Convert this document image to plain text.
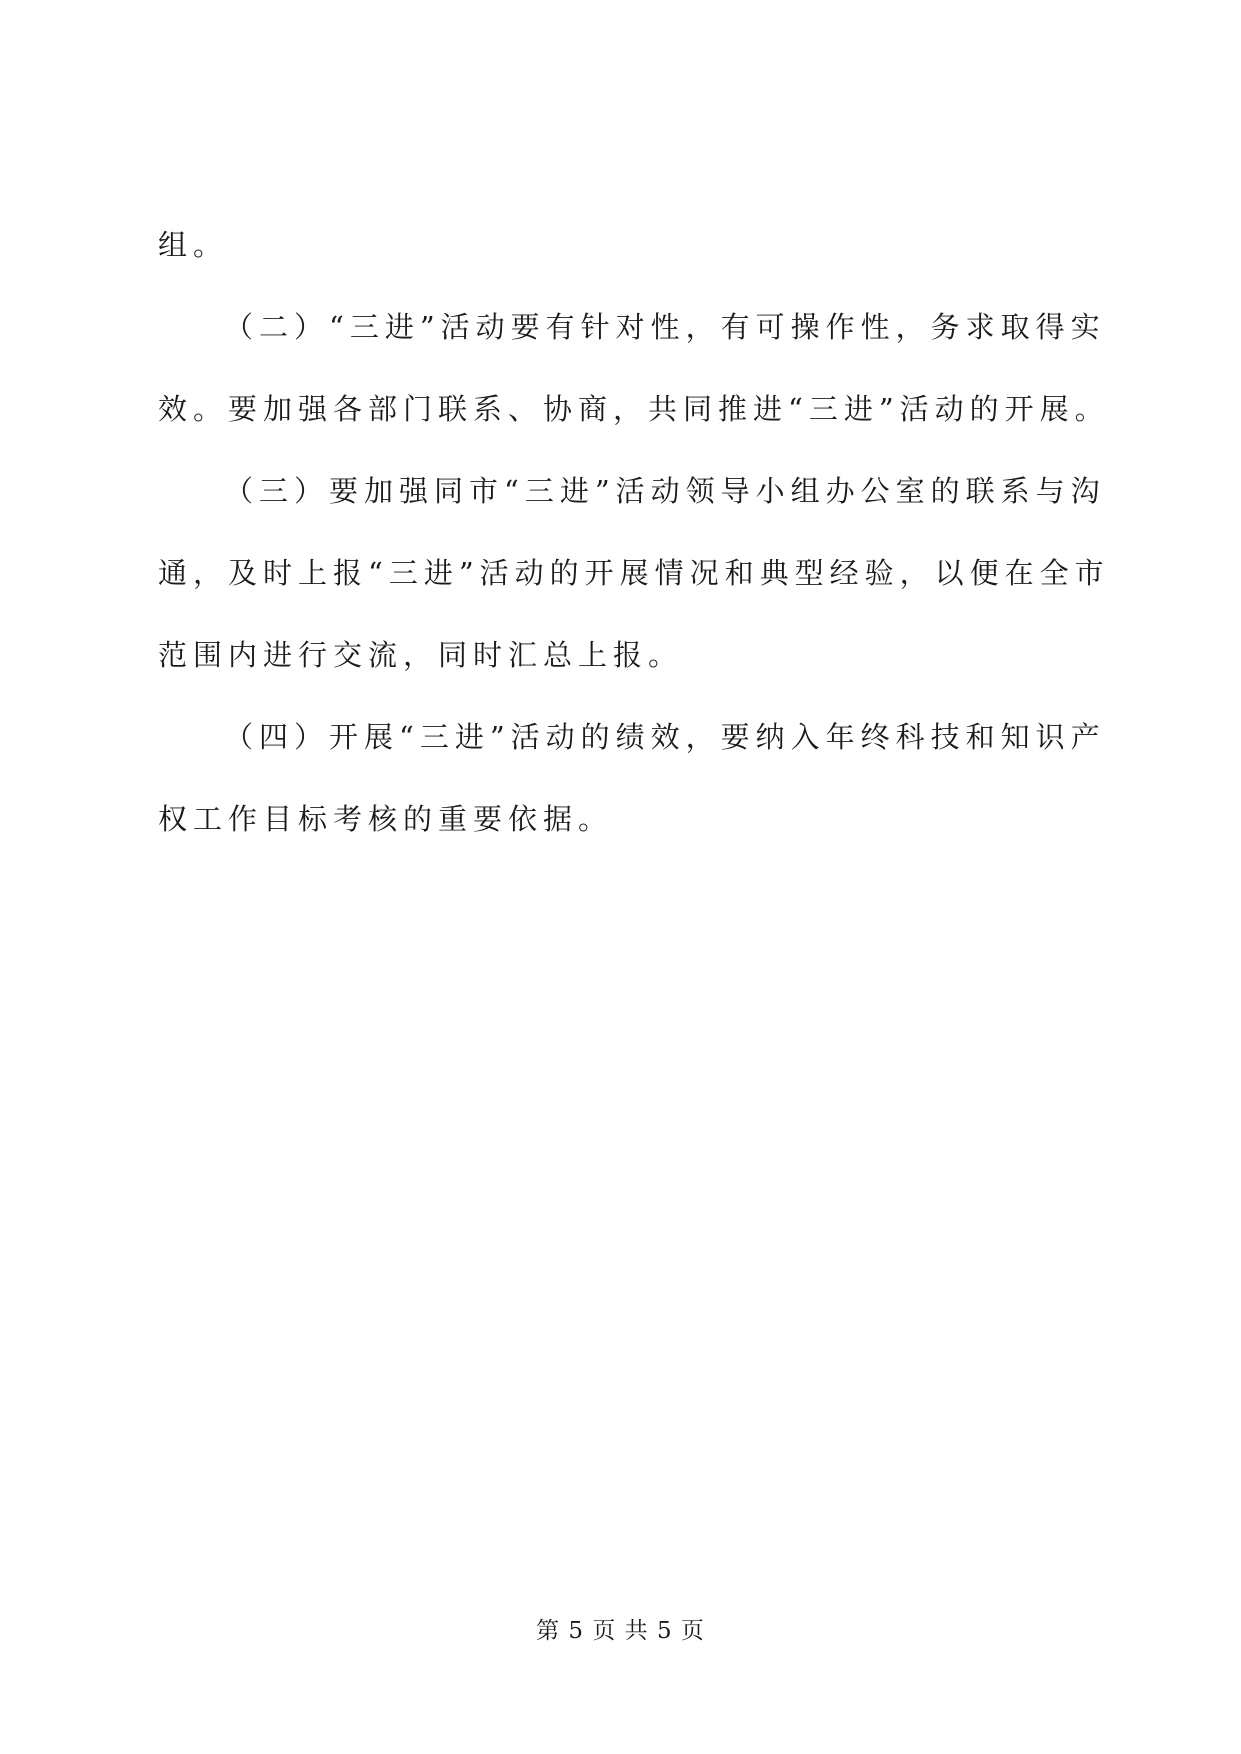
组。
（二）“三进”活动要有针对性，有可操作性，务求取得实
效。要加强各部门联系、协商，共同推进“三进”活动的开展。
（三）要加强同市“三进”活动领导小组办公室的联系与沟
通，及时上报“三进”活动的开展情况和典型经验，以便在全市
范围内进行交流，同时汇总上报。
（四）开展“三进”活动的绩效，要纳入年终科技和知识产
权工作目标考核的重要依据。
第 5 页 共 5 页
